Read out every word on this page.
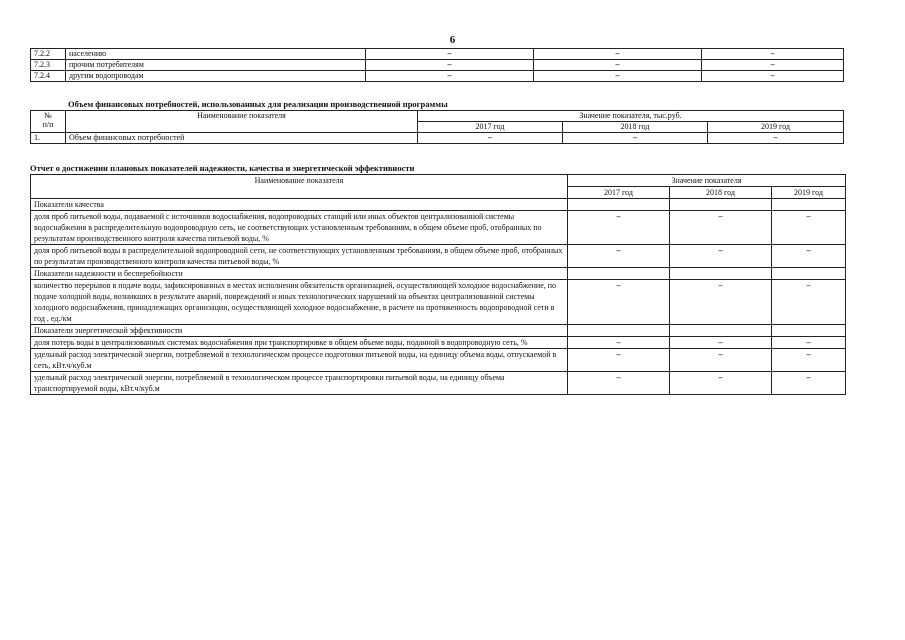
6
7.2.2	населению	–	–	–
7.2.3	прочим потребителям	–	–	–
7.2.4	другим водопроводам	–	–	–
Объем финансовых потребностей, использованных для реализации производственной программы
№
п/п	Наименование показателя	Значение показателя, тыс.руб.		
		2017 год	2018 год	2019 год
1.	Объем финансовых потребностей	–	–	–
Отчет о достижении плановых показателей надежности, качества и энергетической эффективности
Наименование показателя	Значение показателя		
	2017 год	2018 год	2019 год
Показатели качества			
доля проб питьевой воды, подаваемой с источников водоснабжения, водопроводных станций или иных объектов централизованной системы водоснабжения в распределительную водопроводную сеть, не соответствующих установленным требованиям, в общем объеме проб, отобранных по результатам производственного контроля качества питьевой воды, %	–	–	–
доля проб питьевой воды в распределительной водопроводной сети, не соответствующих установленным требованиям, в общем объеме проб, отобранных по результатам производственного контроля качества питьевой воды, %	–	–	–
Показатели надежности и бесперебойности			
количество перерывов в подаче воды, зафиксированных в местах исполнения обязательств организацией, осуществляющей холодное водоснабжение, по подаче холодной воды, возникших в результате аварий, повреждений и иных технологических нарушений на объектах централизованной системы холодного водоснабжения, принадлежащих организации, осуществляющей холодное водоснабжение, в расчете на протяженность водопроводной сети в год , ед./км	–	–	–
Показатели энергетической эффективности			
доля потерь воды в централизованных системах водоснабжения при транспортировке в общем объеме воды, поданной в водопроводную сеть, %	–	–	–
удельный расход электрической энергии, потребляемой в технологическом процессе подготовки питьевой воды, на единицу объема воды, отпускаемой в сеть, кВт.ч/куб.м	–	–	–
удельный расход электрической энергии, потребляемой в технологическом процессе транспортировки питьевой воды, на единицу объема транспортируемой воды, кВт.ч/куб.м	–	–	–
